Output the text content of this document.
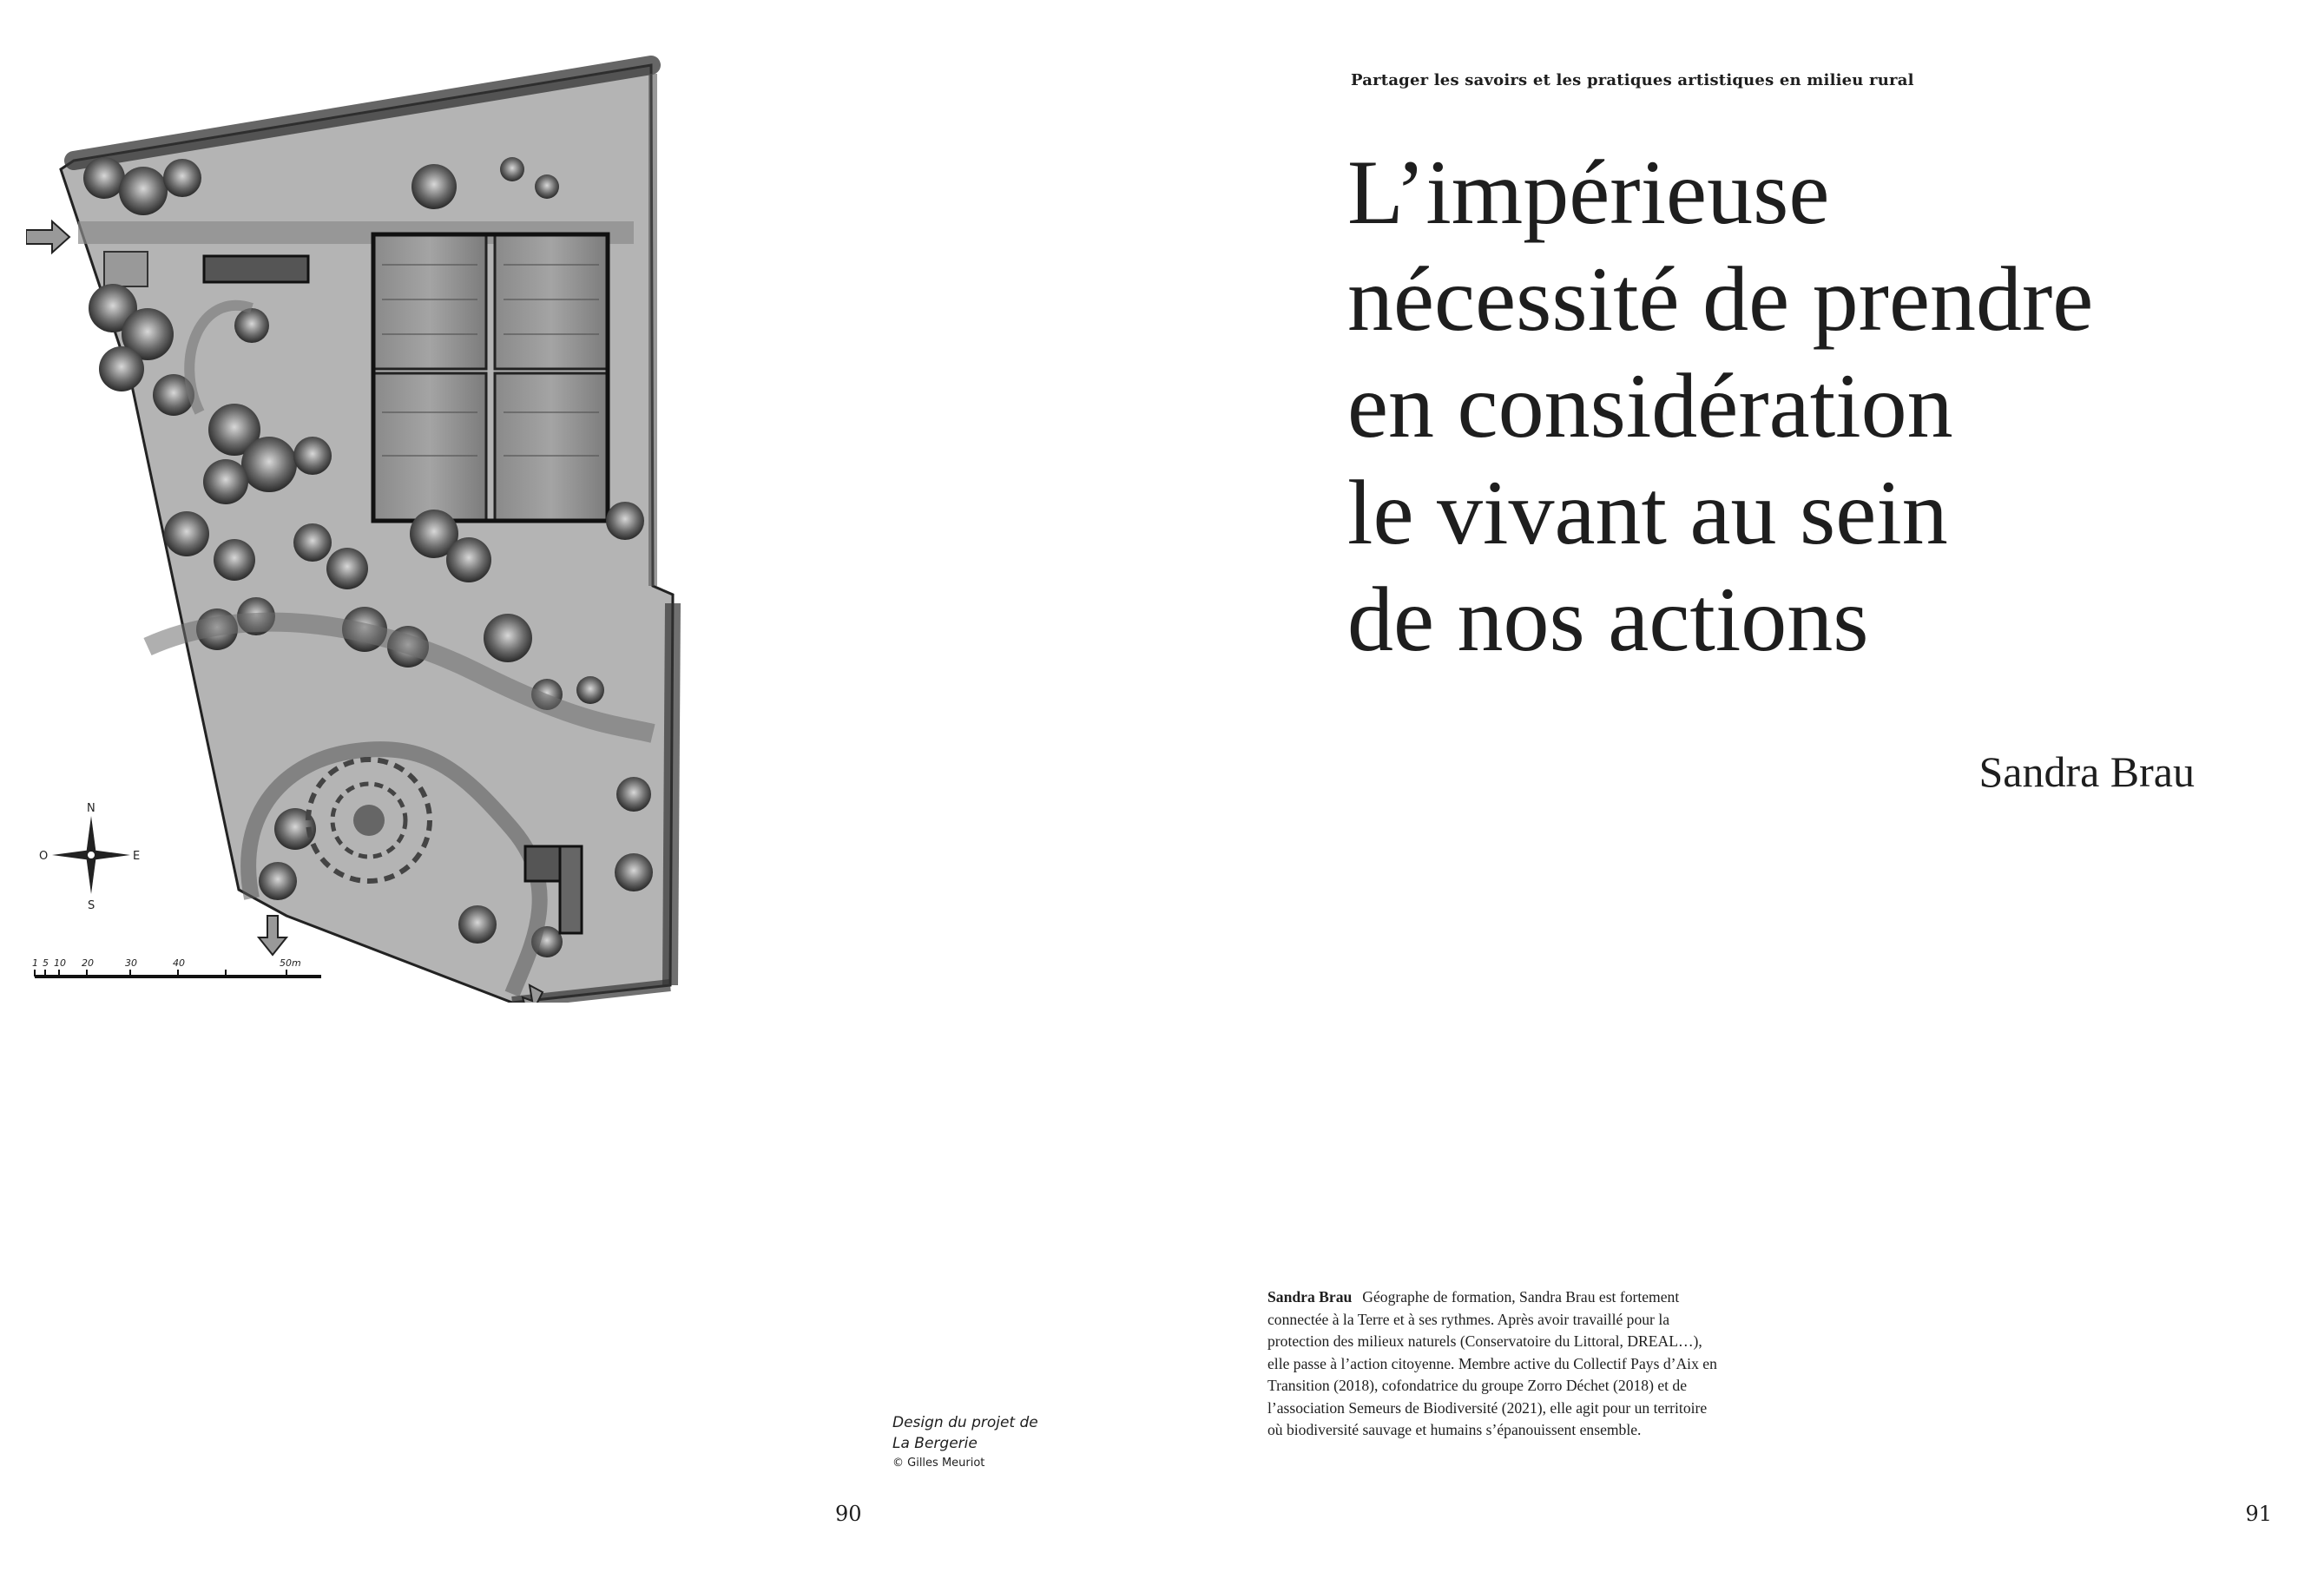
N
E
S
O
1 5 10 20	30	40	50m
Design du projet de
La Bergerie
© Gilles Meuriot
90
Partager les savoirs et les pratiques artistiques en milieu rural
L’impérieuse
nécessité de prendre
en considération
le vivant au sein
de nos actions
Sandra Brau

Sandra Brau Géographe de formation, Sandra Brau est fortement connectée à la Terre et à ses rythmes. Après avoir travaillé pour la protection des milieux naturels (Conservatoire du Littoral, DREAL…), elle passe à l’action citoyenne. Membre active du Collectif Pays d’Aix en Transition (2018), cofondatrice du groupe Zorro Déchet (2018) et de l’association Semeurs de Biodiversité (2021), elle agit pour un territoire où biodiversité sauvage et humains s’épanouissent ensemble.

91
